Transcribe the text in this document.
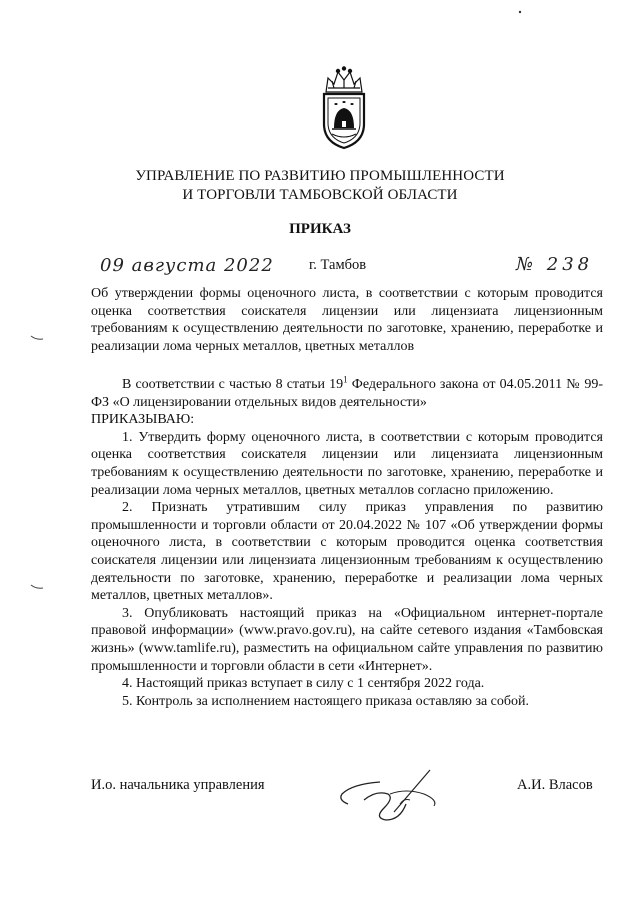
УПРАВЛЕНИЕ ПО РАЗВИТИЮ ПРОМЫШЛЕННОСТИ
И ТОРГОВЛИ ТАМБОВСКОЙ ОБЛАСТИ
ПРИКАЗ
09 августа 2022 г. Тамбов	№ 238
Об утверждении формы оценочного листа, в соответствии с которым проводится оценка соответствия соискателя лицензии или лицензиата лицензионным требованиям к осуществлению деятельности по заготовке, хранению, переработке и реализации лома черных металлов, цветных металлов

В соответствии с частью 8 статьи $19^1$ Федерального закона от 04.05.2011 № 99-ФЗ «О лицензировании отдельных видов деятельности»

ПРИКАЗЫВАЮ:

1. Утвердить форму оценочного листа, в соответствии с которым проводится оценка соответствия соискателя лицензии или лицензиата лицензионным требованиям к осуществлению деятельности по заготовке, хранению, переработке и реализации лома черных металлов, цветных металлов согласно приложению.

2. Признать утратившим силу приказ управления по развитию промышленности и торговли области от 20.04.2022 № 107 «Об утверждении формы оценочного листа, в соответствии с которым проводится оценка соответствия соискателя лицензии или лицензиата лицензионным требованиям к осуществлению деятельности по заготовке, хранению, переработке и реализации лома черных металлов, цветных металлов».

3. Опубликовать настоящий приказ на «Официальном интернет-портале правовой информации» (www.pravo.gov.ru), на сайте сетевого издания «Тамбовская жизнь» (www.tamlife.ru), разместить на официальном сайте управления по развитию промышленности и торговли области в сети «Интернет».

4. Настоящий приказ вступает в силу с 1 сентября 2022 года.

5. Контроль за исполнением настоящего приказа оставляю за собой.

И.о. начальника управления	А.И. Власов
